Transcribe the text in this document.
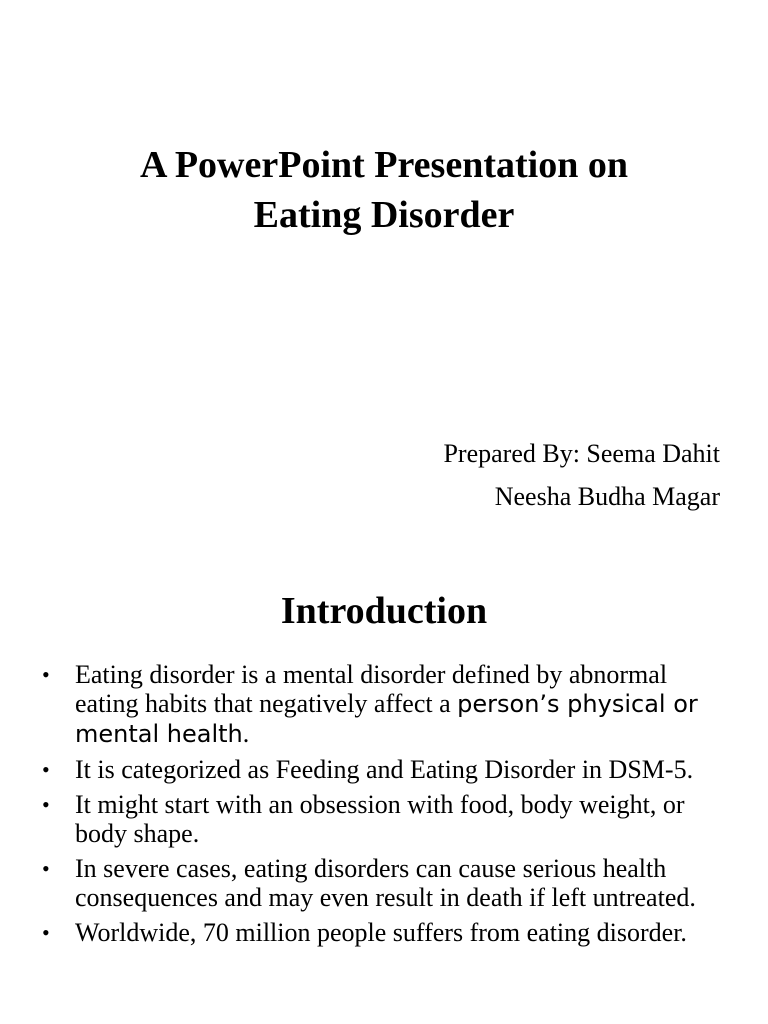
A PowerPoint Presentation on
Eating Disorder
Prepared By: Seema Dahit
Neesha Budha Magar
Introduction
• Eating disorder is a mental disorder defined by abnormal eating habits that negatively affect a person’s physical or mental health.
• It is categorized as Feeding and Eating Disorder in DSM-5.
• It might start with an obsession with food, body weight, or body shape.
• In severe cases, eating disorders can cause serious health consequences and may even result in death if left untreated.
• Worldwide, 70 million people suffers from eating disorder.
